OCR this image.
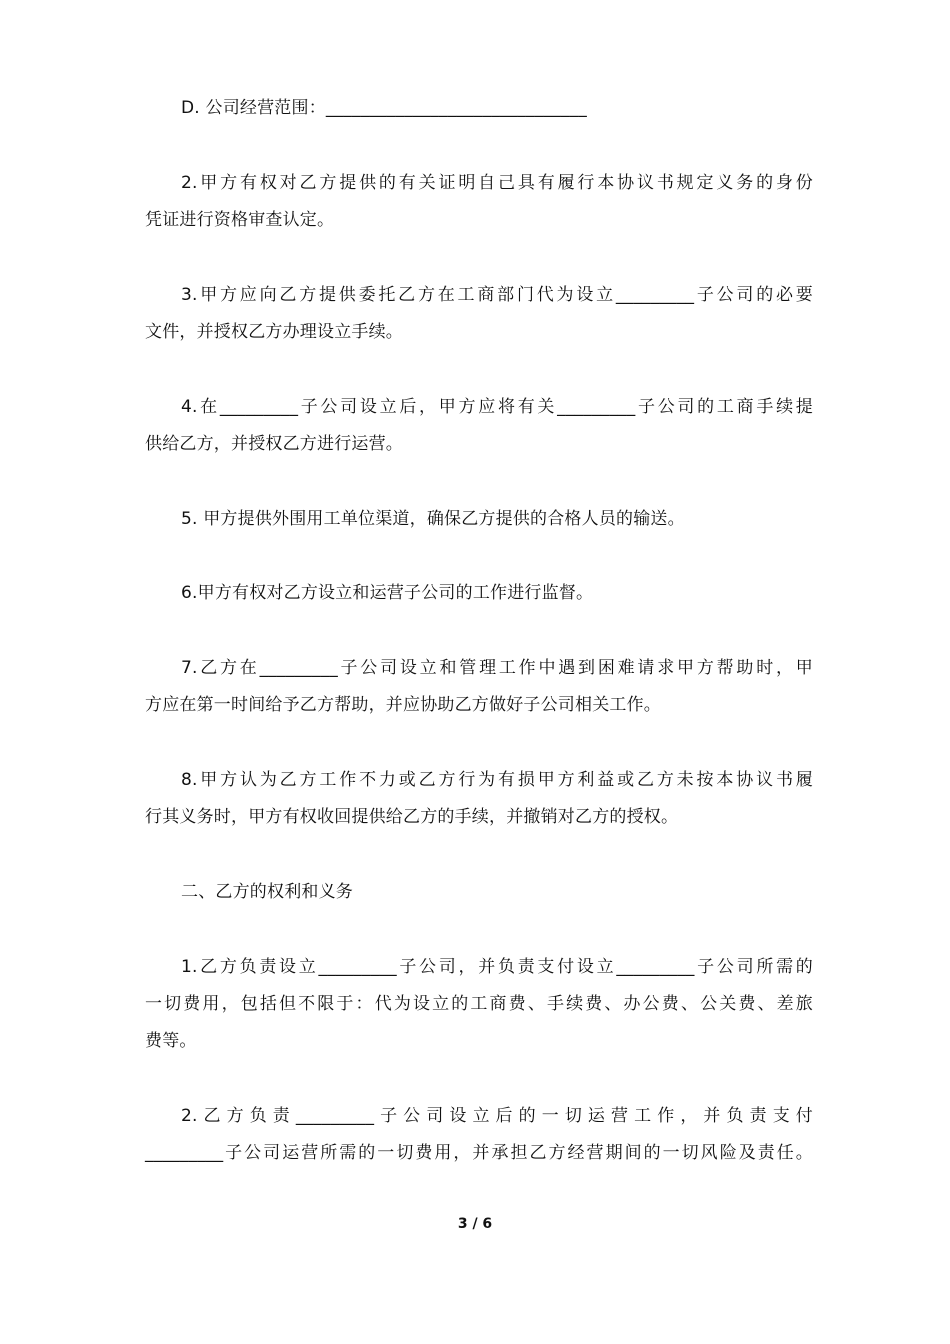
D. 公司经营范围：______________________________
2.甲方有权对乙方提供的有关证明自己具有履行本协议书规定义务的身份
凭证进行资格审查认定。
3.甲方应向乙方提供委托乙方在工商部门代为设立_________子公司的必要
文件，并授权乙方办理设立手续。
4.在_________子公司设立后，甲方应将有关_________子公司的工商手续提
供给乙方，并授权乙方进行运营。
5. 甲方提供外围用工单位渠道，确保乙方提供的合格人员的输送。
6.甲方有权对乙方设立和运营子公司的工作进行监督。
7.乙方在_________子公司设立和管理工作中遇到困难请求甲方帮助时，甲
方应在第一时间给予乙方帮助，并应协助乙方做好子公司相关工作。
8.甲方认为乙方工作不力或乙方行为有损甲方利益或乙方未按本协议书履
行其义务时，甲方有权收回提供给乙方的手续，并撤销对乙方的授权。
二、乙方的权利和义务
1.乙方负责设立_________子公司，并负责支付设立_________子公司所需的
一切费用，包括但不限于：代为设立的工商费、手续费、办公费、公关费、差旅
费等。
2.乙方负责_________子公司设立后的一切运营工作，并负责支付
_________子公司运营所需的一切费用，并承担乙方经营期间的一切风险及责任。
3 / 6
